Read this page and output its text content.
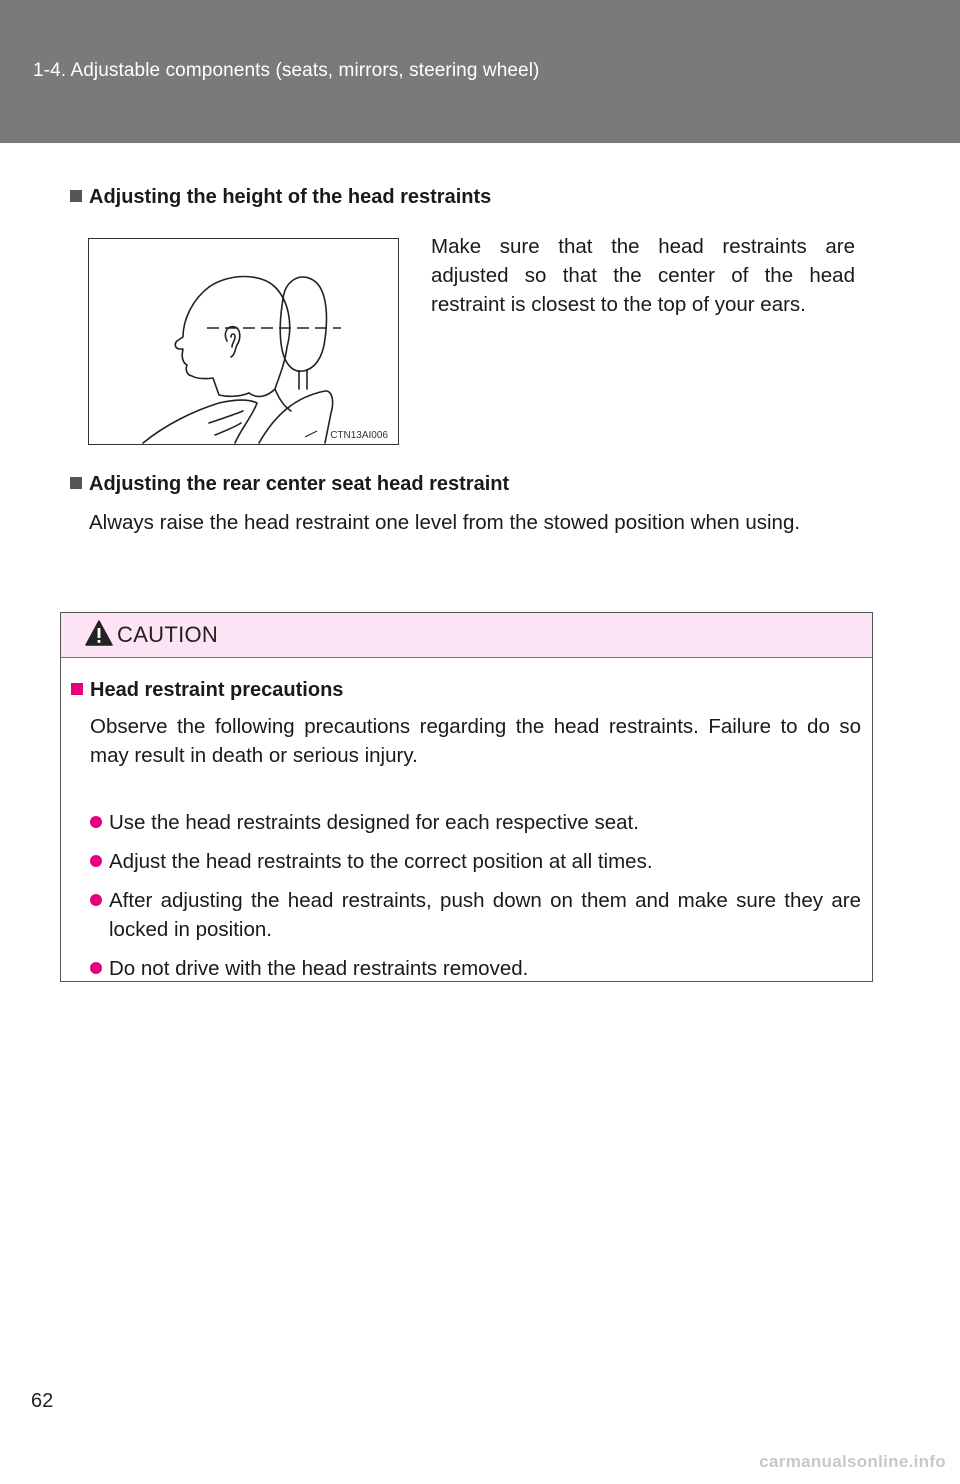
1-4. Adjustable components (seats, mirrors, steering wheel)
Adjusting the height of the head restraints
CTN13AI006
Make sure that the head restraints are adjusted so that the center of the head restraint is closest to the top of your ears.
Adjusting the rear center seat head restraint
Always raise the head restraint one level from the stowed position when using.
CAUTION
Head restraint precautions
Observe the following precautions regarding the head restraints. Failure to do so may result in death or serious injury.
Use the head restraints designed for each respective seat.
Adjust the head restraints to the correct position at all times.
After adjusting the head restraints, push down on them and make sure they are locked in position.
Do not drive with the head restraints removed.
62
carmanualsonline.info
